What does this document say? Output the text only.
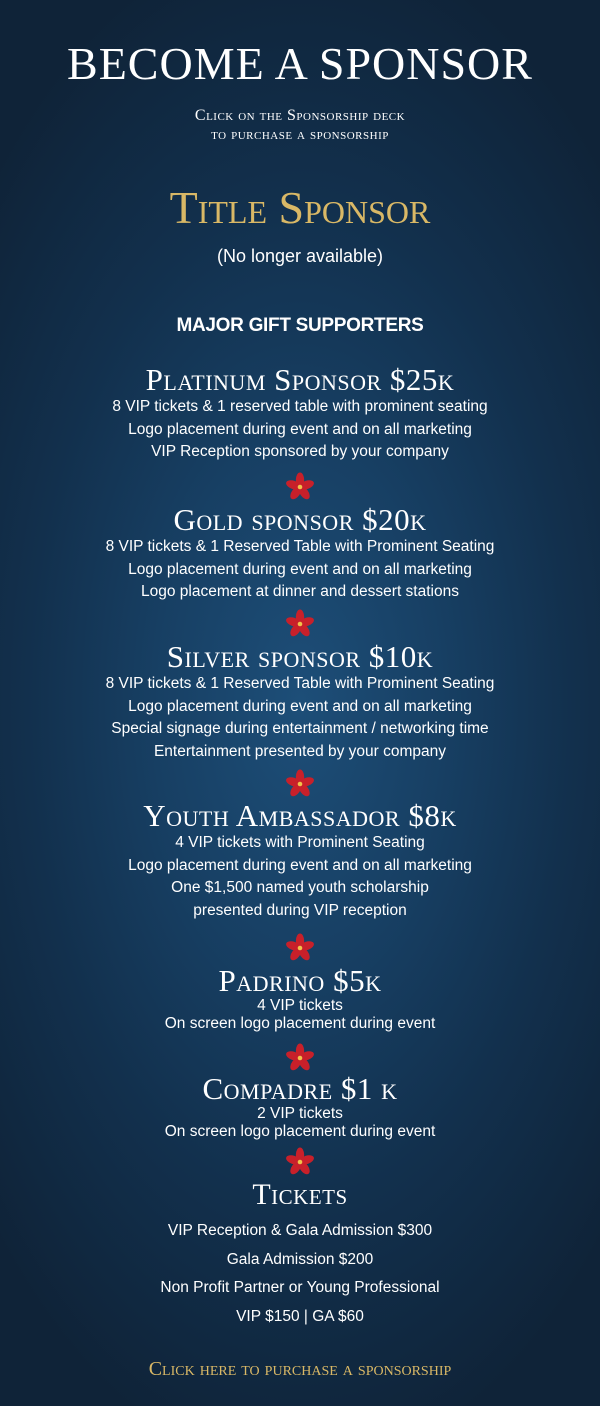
BECOME A SPONSOR
Click on the Sponsorship deck
to purchase a sponsorship
Title Sponsor
(No longer available)
MAJOR GIFT SUPPORTERS
Platinum Sponsor $25k
8 VIP tickets & 1 reserved table with prominent seating
Logo placement during event and on all marketing
VIP Reception sponsored by your company
Gold sponsor $20k
8 VIP tickets & 1 Reserved Table with Prominent Seating
Logo placement during event and on all marketing
Logo placement at dinner and dessert stations
Silver sponsor $10k
8 VIP tickets & 1 Reserved Table with Prominent Seating
Logo placement during event and on all marketing
Special signage during entertainment / networking time
Entertainment presented by your company
Youth Ambassador $8k
4 VIP tickets with Prominent Seating
Logo placement during event and on all marketing
One $1,500 named youth scholarship
presented during VIP reception
Padrino $5k
4 VIP tickets
On screen logo placement during event
Compadre $1 k
2 VIP tickets
On screen logo placement during event
Tickets
VIP Reception & Gala Admission $300
Gala Admission $200
Non Profit Partner or Young Professional
VIP $150 | GA $60
Click here to purchase a sponsorship
